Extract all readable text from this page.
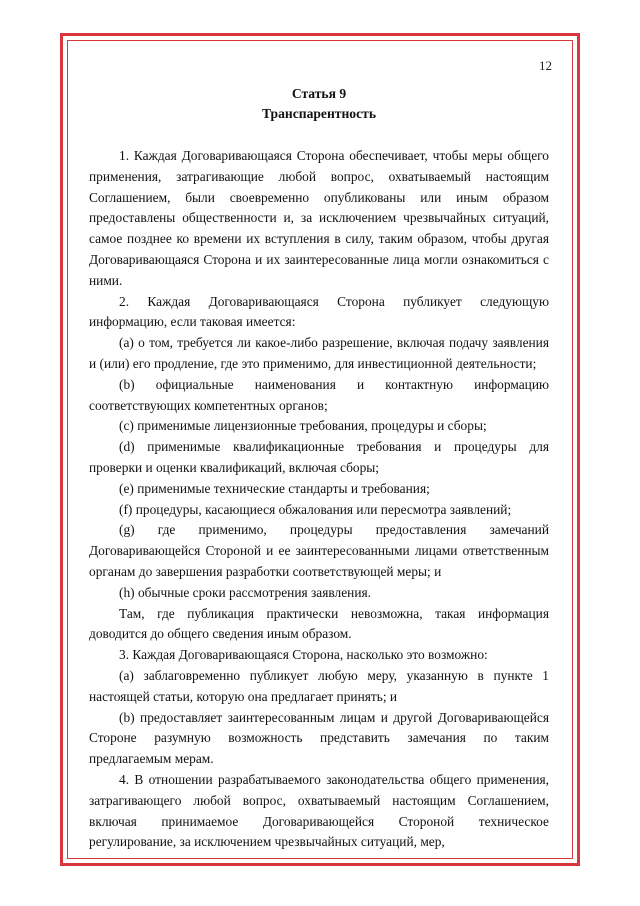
12

Статья 9

Транспарентность

1. Каждая Договаривающаяся Сторона обеспечивает, чтобы меры общего применения, затрагивающие любой вопрос, охватываемый настоящим Соглашением, были своевременно опубликованы или иным образом предоставлены общественности и, за исключением чрезвычайных ситуаций, самое позднее ко времени их вступления в силу, таким образом, чтобы другая Договаривающаяся Сторона и их заинтересованные лица могли ознакомиться с ними.

2. Каждая Договаривающаяся Сторона публикует следующую информацию, если таковая имеется:

(a) о том, требуется ли какое-либо разрешение, включая подачу заявления и (или) его продление, где это применимо, для инвестиционной деятельности;

(b) официальные наименования и контактную информацию соответствующих компетентных органов;

(c) применимые лицензионные требования, процедуры и сборы;

(d) применимые квалификационные требования и процедуры для проверки и оценки квалификаций, включая сборы;

(e) применимые технические стандарты и требования;

(f) процедуры, касающиеся обжалования или пересмотра заявлений;

(g) где применимо, процедуры предоставления замечаний Договаривающейся Стороной и ее заинтересованными лицами ответственным органам до завершения разработки соответствующей меры; и

(h) обычные сроки рассмотрения заявления.

Там, где публикация практически невозможна, такая информация доводится до общего сведения иным образом.

3. Каждая Договаривающаяся Сторона, насколько это возможно:

(a) заблаговременно публикует любую меру, указанную в пункте 1 настоящей статьи, которую она предлагает принять; и

(b) предоставляет заинтересованным лицам и другой Договаривающейся Стороне разумную возможность представить замечания по таким предлагаемым мерам.

4. В отношении разрабатываемого законодательства общего применения, затрагивающего любой вопрос, охватываемый настоящим Соглашением, включая принимаемое Договаривающейся Стороной техническое регулирование, за исключением чрезвычайных ситуаций, мер,
